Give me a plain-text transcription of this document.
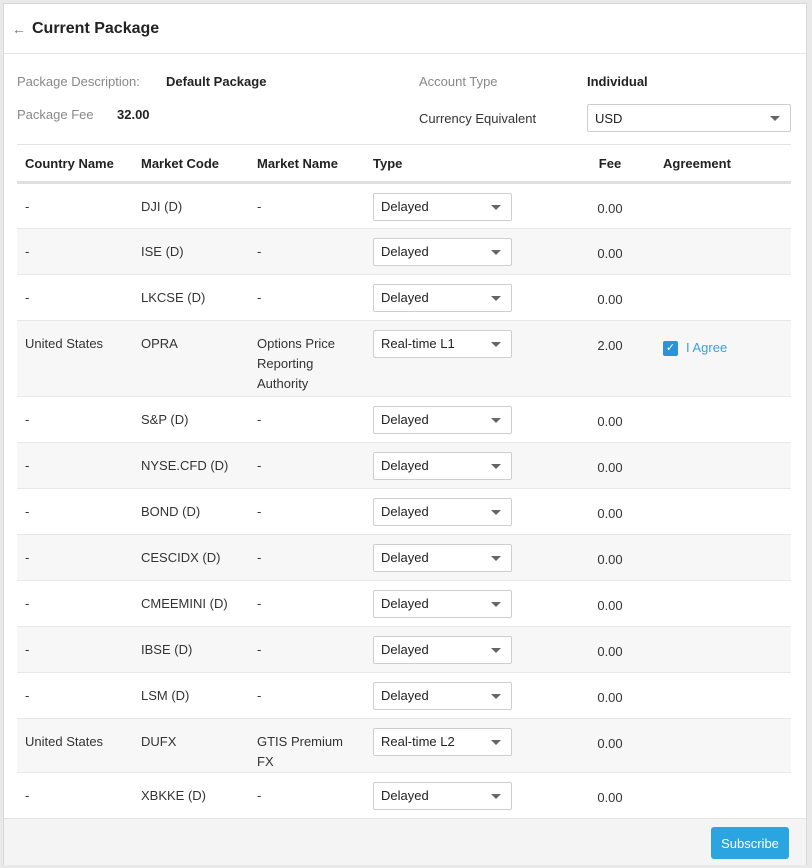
← Current Package
Package Description: Default Package
Package Fee 32.00
Account Type	Individual
Currency Equivalent	USD
Country Name	Market Code	Market Name	Type	Fee	Agreement
-	DJI (D)	-	Delayed	0.00	
-	ISE (D)	-	Delayed	0.00	
-	LKCSE (D)	-	Delayed	0.00	
United States	OPRA	Options Price Reporting Authority	Real-time L1	2.00	✓ I Agree

-	S&P (D)	-	Delayed	0.00	
-	NYSE.CFD (D)	-	Delayed	0.00	
-	BOND (D)	-	Delayed	0.00	
-	CESCIDX (D)	-	Delayed	0.00	
-	CMEEMINI (D)	-	Delayed	0.00	
-	IBSE (D)	-	Delayed	0.00	
-	LSM (D)	-	Delayed	0.00	
United States	DUFX	GTIS Premium FX	Real-time L2	0.00	
-	XBKKE (D)	-	Delayed	0.00	
Subscribe
